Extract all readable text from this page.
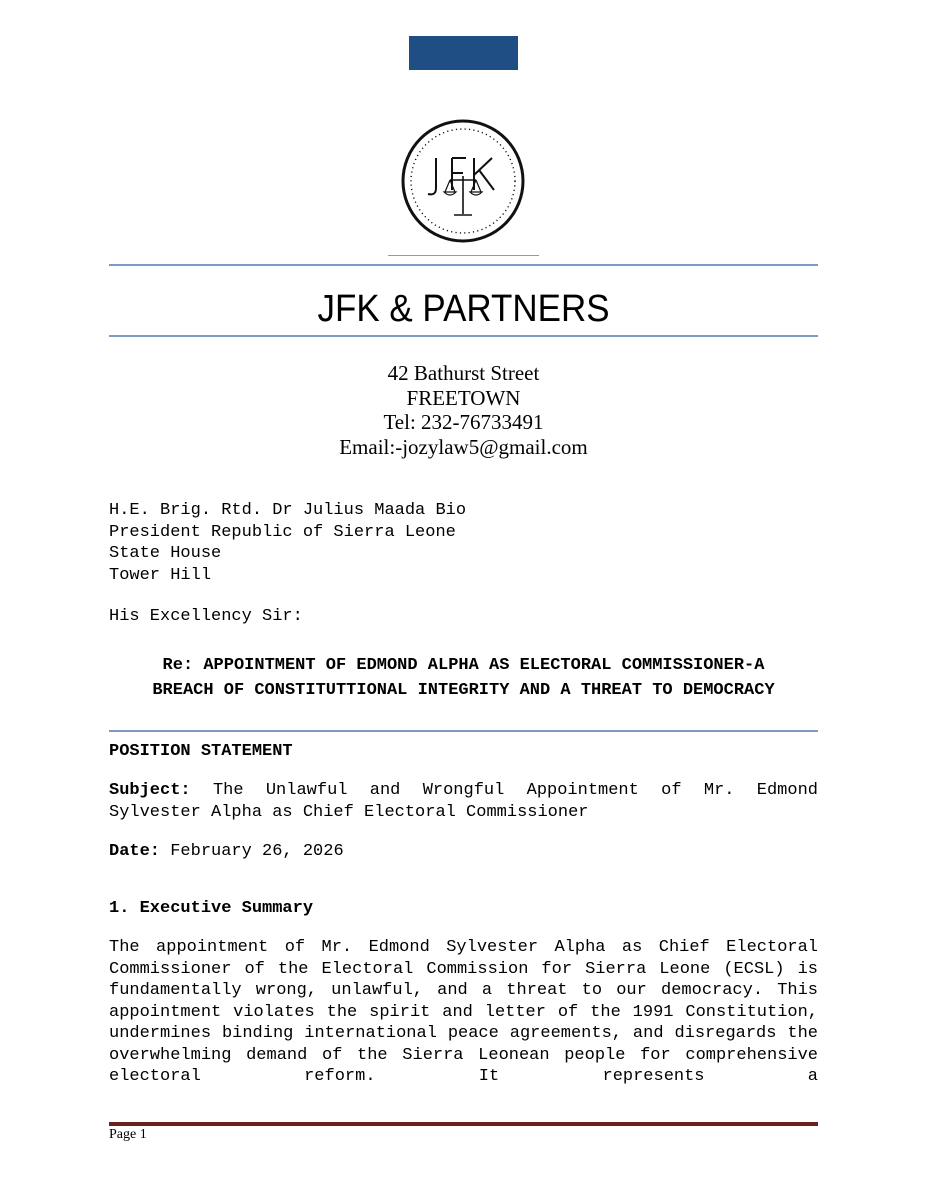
JFK & PARTNERS
42 Bathurst Street
FREETOWN
Tel: 232-76733491
Email:-jozylaw5@gmail.com
H.E. Brig. Rtd. Dr Julius Maada Bio
President Republic of Sierra Leone
State House
Tower Hill
His Excellency Sir:
Re: APPOINTMENT OF EDMOND ALPHA AS ELECTORAL COMMISSIONER-A
BREACH OF CONSTITUTTIONAL INTEGRITY AND A THREAT TO DEMOCRACY
POSITION STATEMENT
Subject: The Unlawful and Wrongful Appointment of Mr. Edmond Sylvester Alpha as Chief Electoral Commissioner
Date: February 26, 2026
1. Executive Summary
The appointment of Mr. Edmond Sylvester Alpha as Chief Electoral Commissioner of the Electoral Commission for Sierra Leone (ECSL) is fundamentally wrong, unlawful, and a threat to our democracy. This appointment violates the spirit and letter of the 1991 Constitution, undermines binding international peace agreements, and disregards the overwhelming demand of the Sierra Leonean people for comprehensive electoral reform. It represents a
Page 1
